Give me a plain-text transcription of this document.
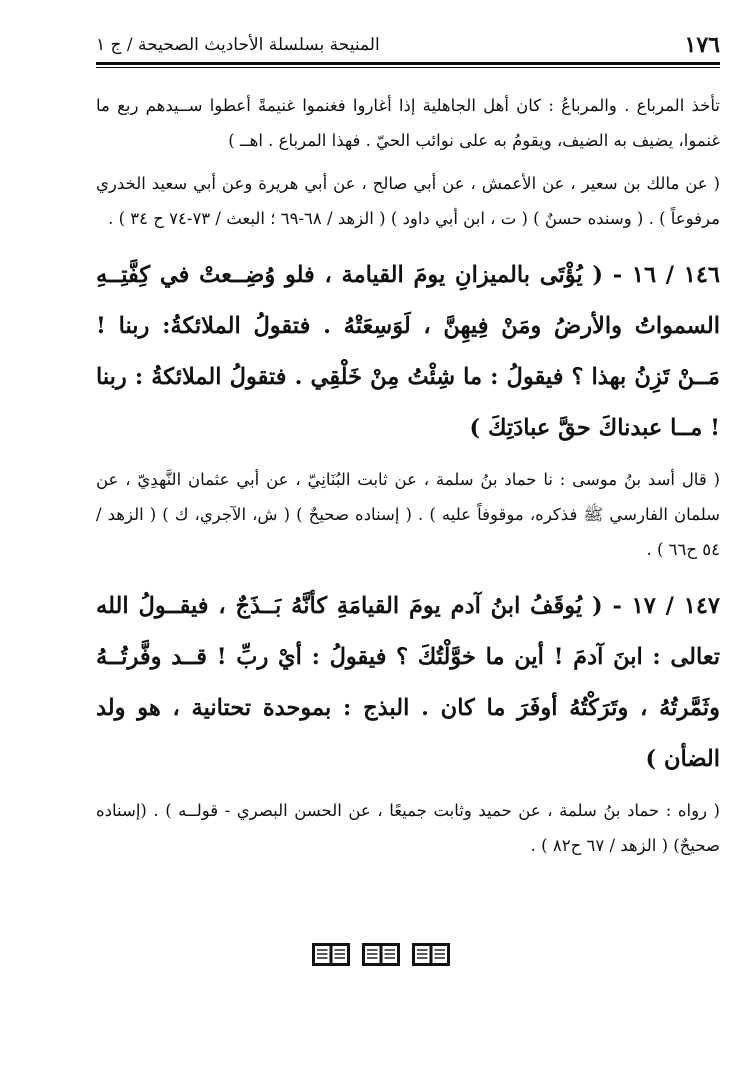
١٧٦
المنيحة بسلسلة الأحاديث الصحيحة / ج ١

تأخذ المرباع . والمرباعُ : كان أهل الجاهلية إذا أغاروا فغنموا غنيمةً أعطوا ســيدهم ربع ما غنموا، يضيف به الضيف، ويقومُ به على نوائب الحيّ . فهذا المرباع . اهــ )

( عن مالك بن سعير ، عن الأعمش ، عن أبي صالح ، عن أبي هريرة وعن أبي سعيد الخدري مرفوعاً ) . ( وسنده حسنٌ ) ( ت ، ابن أبي داود ) ( الزهد / ٦٨-٦٩ ؛ البعث / ٧٣-٧٤ ح ٣٤ ) .

١٤٦ / ١٦ - ( يُؤْتَى بالميزانِ يومَ القيامة ، فلو وُضِــعتْ في كِفَّتِــهِ السمواتُ والأرضُ ومَنْ فِيهِنَّ ، لَوَسِعَتْهُ . فتقولُ الملائكةُ: ربنا ! مَــنْ تَزِنُ بهذا ؟ فيقولُ : ما شِئْتُ مِنْ خَلْقِي . فتقولُ الملائكةُ : ربنا ! مــا عبدناكَ حقَّ عبادَتِكَ )

( قال أسد بنُ موسى : نا حماد بنُ سلمة ، عن ثابت البُنَانِيّ ، عن أبي عثمان النَّهدِيّ ، عن سلمان الفارسي ﷺ فذكره، موقوفاً عليه ) . ( إسناده صحيحٌ ) ( ش، الآجري، ك ) ( الزهد / ٥٤ ح٦٦ ) .

١٤٧ / ١٧ - ( يُوقَفُ ابنُ آدم يومَ القيامَةِ كأنَّهُ بَــذَجٌ ، فيقــولُ الله تعالى : ابنَ آدمَ ! أين ما خوَّلْتُكَ ؟ فيقولُ : أيْ ربِّ ! قــد وفَّرتُــهُ وثَمَّرتُهُ ، وتَرَكْتُهُ أوفَرَ ما كان . البذج : بموحدة تحتانية ، هو ولد الضأن )

( رواه : حماد بنُ سلمة ، عن حميد وثابت جميعًا ، عن الحسن البصري - قولــه ) . (إسناده صحيحٌ) ( الزهد / ٦٧ ح٨٢ ) .
